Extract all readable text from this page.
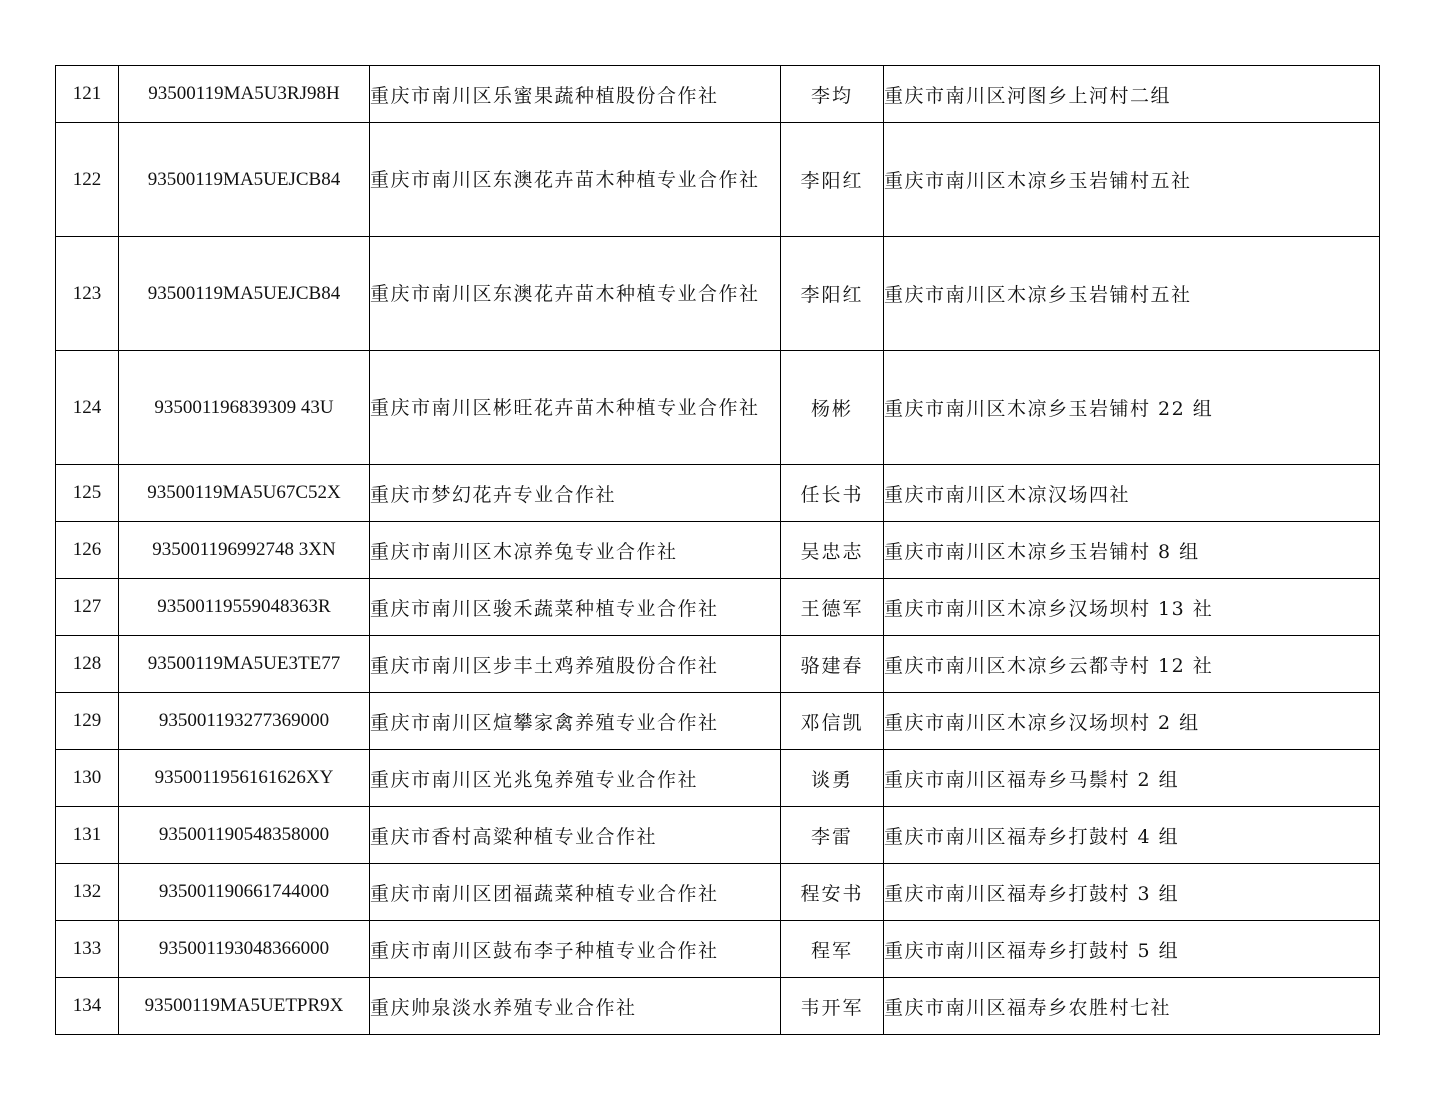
121	93500119MA5U3RJ98H	重庆市南川区乐蜜果蔬种植股份合作社	李均	重庆市南川区河图乡上河村二组
122	93500119MA5UEJCB84	重庆市南川区东澳花卉苗木种植专业合作社	李阳红	重庆市南川区木凉乡玉岩铺村五社
123	93500119MA5UEJCB84	重庆市南川区东澳花卉苗木种植专业合作社	李阳红	重庆市南川区木凉乡玉岩铺村五社
124	935001196839309 43U	重庆市南川区彬旺花卉苗木种植专业合作社	杨彬	重庆市南川区木凉乡玉岩铺村 22 组
125	93500119MA5U67C52X	重庆市梦幻花卉专业合作社	任长书	重庆市南川区木凉汉场四社
126	935001196992748 3XN	重庆市南川区木凉养兔专业合作社	吴忠志	重庆市南川区木凉乡玉岩铺村 8 组
127	93500119559048363R	重庆市南川区骏禾蔬菜种植专业合作社	王德军	重庆市南川区木凉乡汉场坝村 13 社
128	93500119MA5UE3TE77	重庆市南川区步丰土鸡养殖股份合作社	骆建春	重庆市南川区木凉乡云都寺村 12 社
129	935001193277369000	重庆市南川区煊攀家禽养殖专业合作社	邓信凯	重庆市南川区木凉乡汉场坝村 2 组
130	9350011956161626XY	重庆市南川区光兆兔养殖专业合作社	谈勇	重庆市南川区福寿乡马鬃村 2 组
131	935001190548358000	重庆市香村高粱种植专业合作社	李雷	重庆市南川区福寿乡打鼓村 4 组
132	935001190661744000	重庆市南川区团福蔬菜种植专业合作社	程安书	重庆市南川区福寿乡打鼓村 3 组
133	935001193048366000	重庆市南川区鼓布李子种植专业合作社	程军	重庆市南川区福寿乡打鼓村 5 组
134	93500119MA5UETPR9X	重庆帅泉淡水养殖专业合作社	韦开军	重庆市南川区福寿乡农胜村七社
